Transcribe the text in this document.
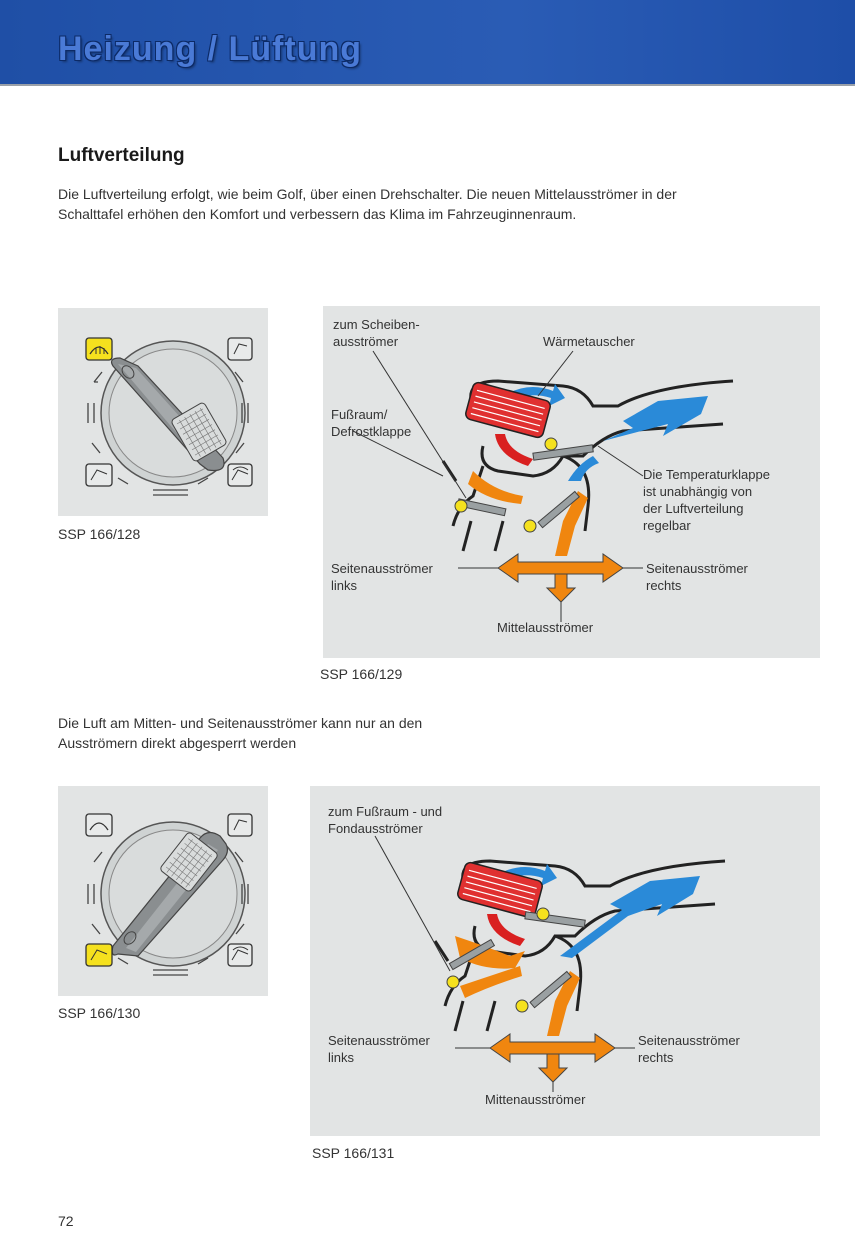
Heizung / Lüftung
Luftverteilung
Die Luftverteilung erfolgt, wie beim Golf, über einen Drehschalter. Die neuen Mittelausströmer in der
Schalttafel erhöhen den Komfort und verbessern das Klima im Fahrzeuginnenraum.
SSP 166/128
zum Scheiben-
ausströmer	Wärmetauscher
Fußraum/
Defrostklappe
Die Temperaturklappe
ist unabhängig von
der Luftverteilung
regelbar
Seitenausströmer
links
Seitenausströmer
rechts
Mittelausströmer
SSP 166/129
Die Luft am Mitten- und Seitenausströmer kann nur an den
Ausströmern direkt abgesperrt werden
SSP 166/130
zum Fußraum - und
Fondausströmer
Seitenausströmer
links
Seitenausströmer
rechts
Mittenausströmer
SSP 166/131
72
